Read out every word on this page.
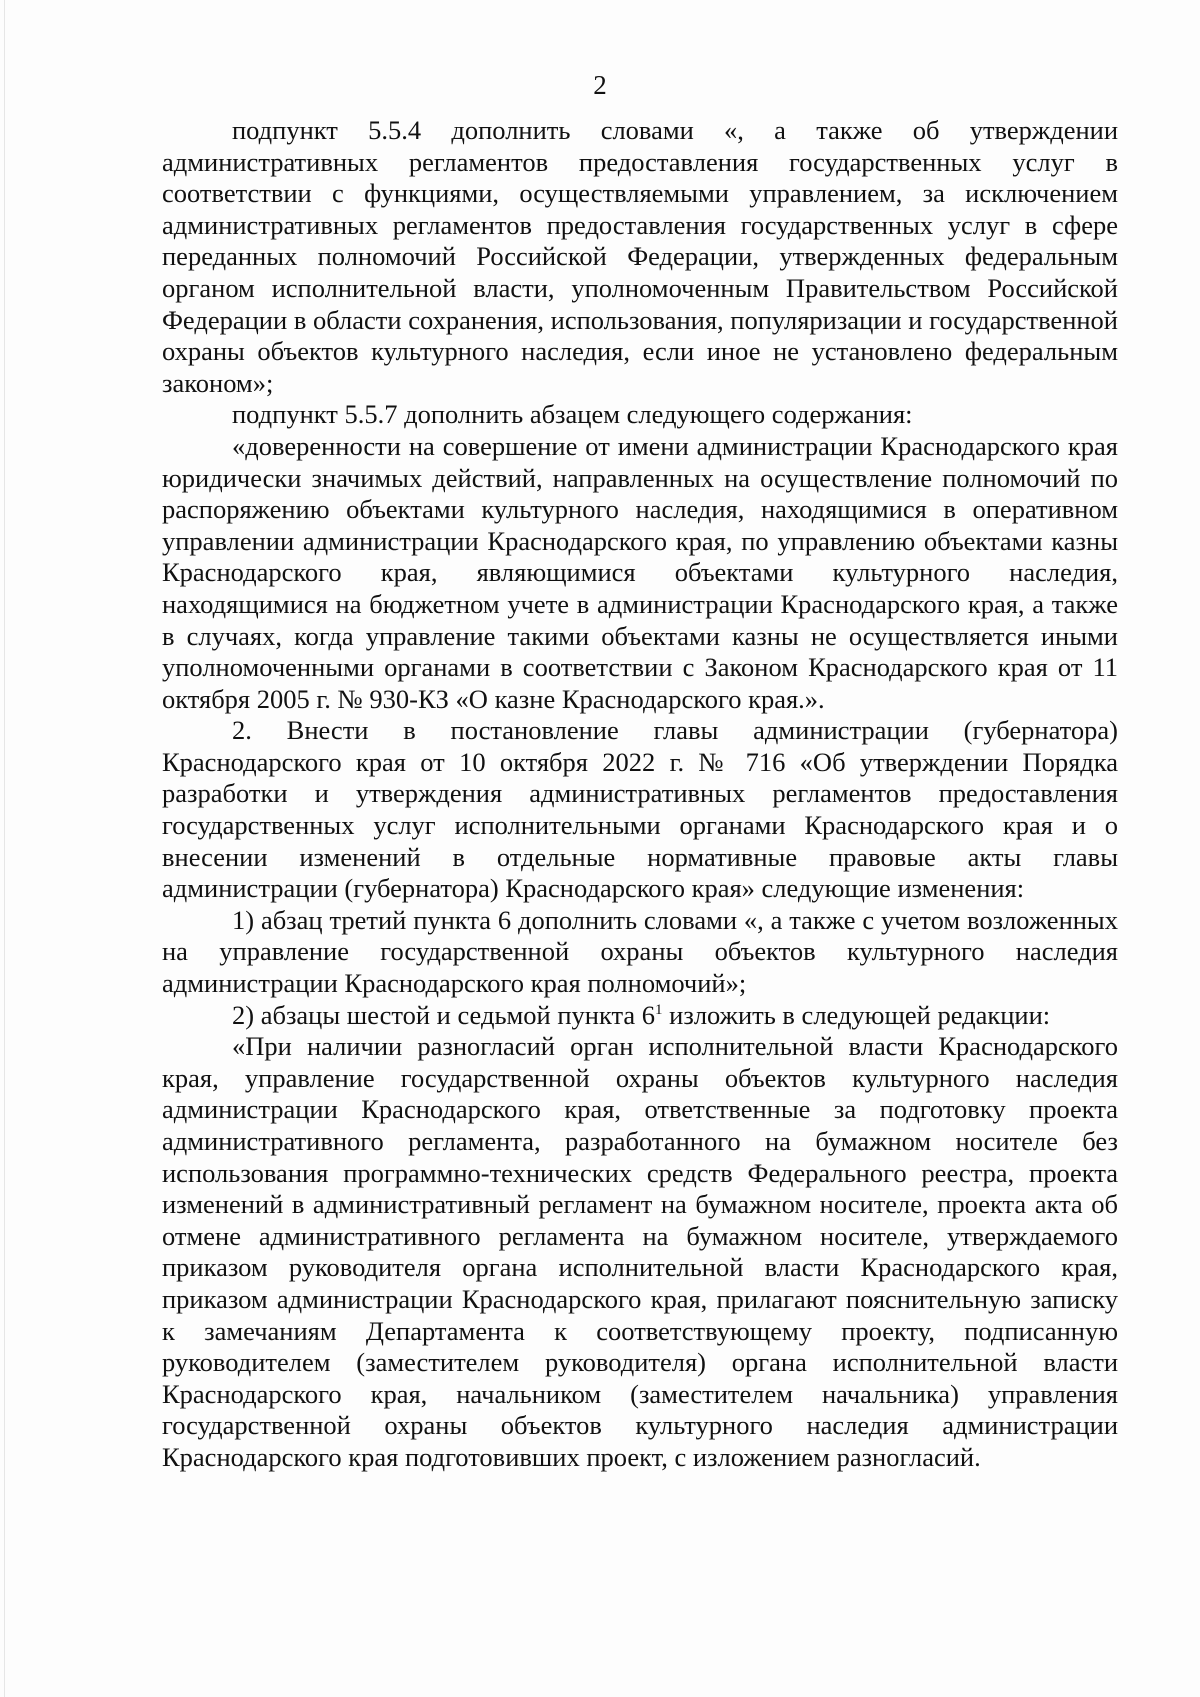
2

подпункт 5.5.4 дополнить словами «, а также об утверждении административных регламентов предоставления государственных услуг в соответствии с функциями, осуществляемыми управлением, за исключением административных регламентов предоставления государственных услуг в сфере переданных полномочий Российской Федерации, утвержденных федеральным органом исполнительной власти, уполномоченным Правительством Российской Федерации в области сохранения, использования, популяризации и государственной охраны объектов культурного наследия, если иное не установлено федеральным законом»;

подпункт 5.5.7 дополнить абзацем следующего содержания:

«доверенности на совершение от имени администрации Краснодарского края юридически значимых действий, направленных на осуществление полномочий по распоряжению объектами культурного наследия, находящимися в оперативном управлении администрации Краснодарского края, по управлению объектами казны Краснодарского края, являющимися объектами культурного наследия, находящимися на бюджетном учете в администрации Краснодарского края, а также в случаях, когда управление такими объектами казны не осуществляется иными уполномоченными органами в соответствии с Законом Краснодарского края от 11 октября 2005 г. № 930-КЗ «О казне Краснодарского края.».

2. Внести в постановление главы администрации (губернатора) Краснодарского края от 10 октября 2022 г. № 716 «Об утверждении Порядка разработки и утверждения административных регламентов предоставления государственных услуг исполнительными органами Краснодарского края и о внесении изменений в отдельные нормативные правовые акты главы администрации (губернатора) Краснодарского края» следующие изменения:

1) абзац третий пункта 6 дополнить словами «, а также с учетом возложенных на управление государственной охраны объектов культурного наследия администрации Краснодарского края полномочий»;

2) абзацы шестой и седьмой пункта $6^1$ изложить в следующей редакции:

«При наличии разногласий орган исполнительной власти Краснодарского края, управление государственной охраны объектов культурного наследия администрации Краснодарского края, ответственные за подготовку проекта административного регламента, разработанного на бумажном носителе без использования программно-технических средств Федерального реестра, проекта изменений в административный регламент на бумажном носителе, проекта акта об отмене административного регламента на бумажном носителе, утверждаемого приказом руководителя органа исполнительной власти Краснодарского края, приказом администрации Краснодарского края, прилагают пояснительную записку к замечаниям Департамента к соответствующему проекту, подписанную руководителем (заместителем руководителя) органа исполнительной власти Краснодарского края, начальником (заместителем начальника) управления государственной охраны объектов культурного наследия администрации Краснодарского края подготовивших проект, с изложением разногласий.
